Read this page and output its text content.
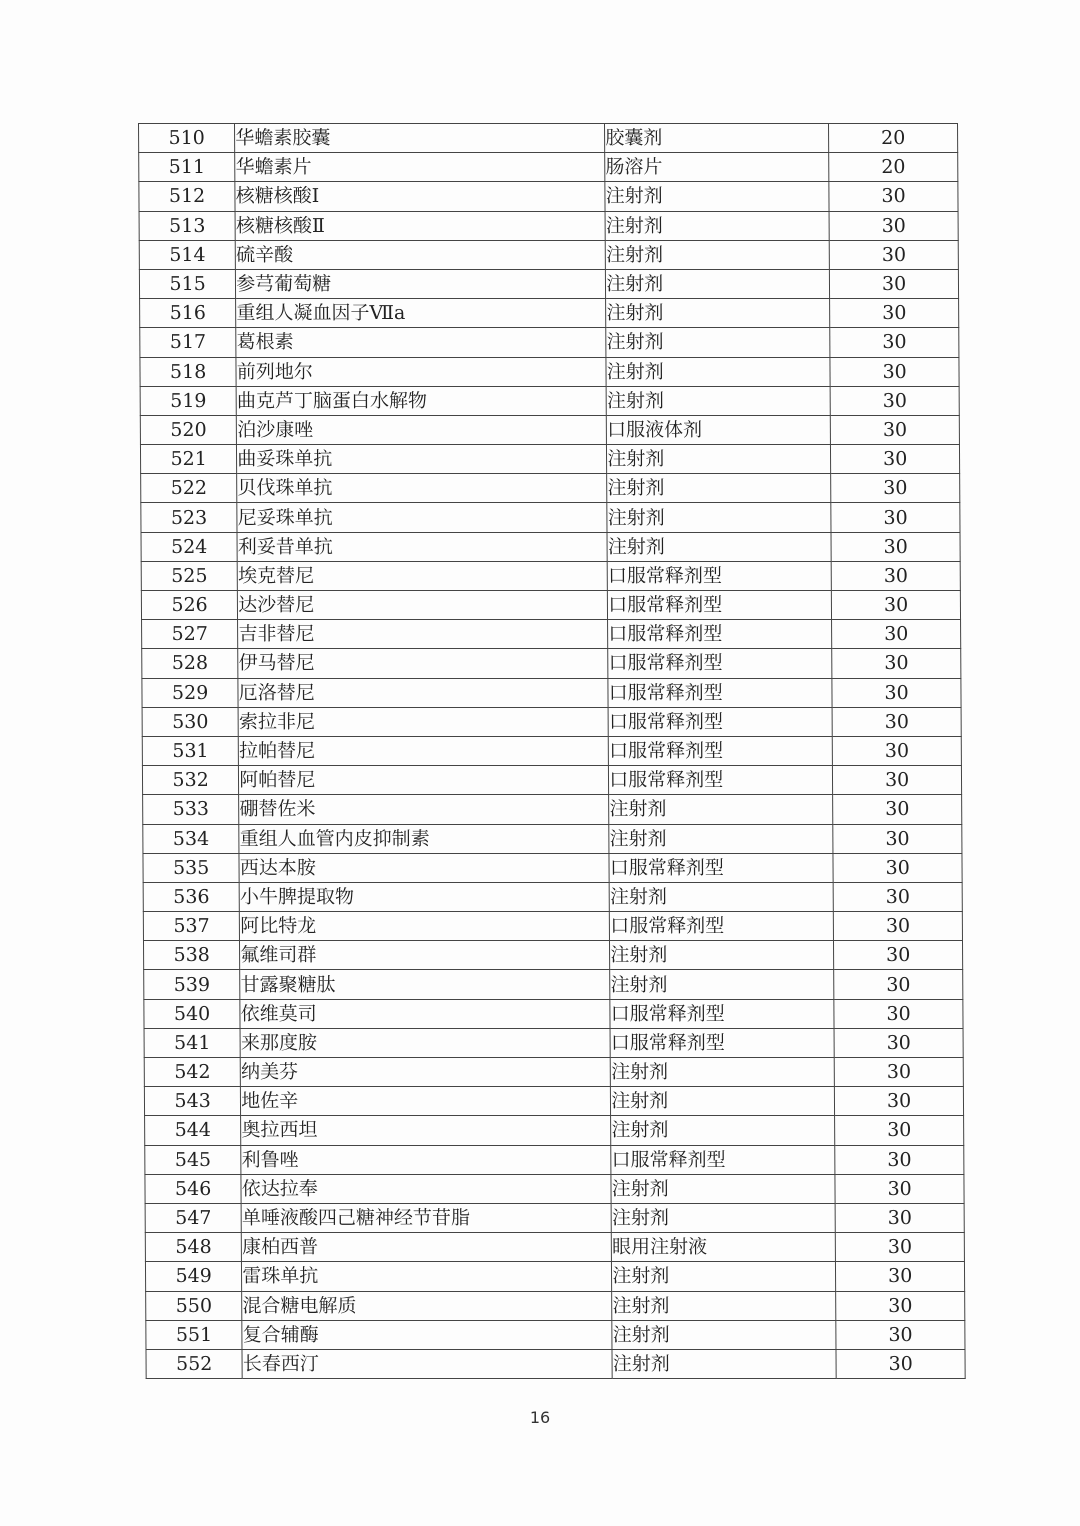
510	华蟾素胶囊	胶囊剂	20
511	华蟾素片	肠溶片	20
512	核糖核酸Ⅰ	注射剂	30
513	核糖核酸Ⅱ	注射剂	30
514	硫辛酸	注射剂	30
515	参芎葡萄糖	注射剂	30
516	重组人凝血因子Ⅶa	注射剂	30
517	葛根素	注射剂	30
518	前列地尔	注射剂	30
519	曲克芦丁脑蛋白水解物	注射剂	30
520	泊沙康唑	口服液体剂	30
521	曲妥珠单抗	注射剂	30
522	贝伐珠单抗	注射剂	30
523	尼妥珠单抗	注射剂	30
524	利妥昔单抗	注射剂	30
525	埃克替尼	口服常释剂型	30
526	达沙替尼	口服常释剂型	30
527	吉非替尼	口服常释剂型	30
528	伊马替尼	口服常释剂型	30
529	厄洛替尼	口服常释剂型	30
530	索拉非尼	口服常释剂型	30
531	拉帕替尼	口服常释剂型	30
532	阿帕替尼	口服常释剂型	30
533	硼替佐米	注射剂	30
534	重组人血管内皮抑制素	注射剂	30
535	西达本胺	口服常释剂型	30
536	小牛脾提取物	注射剂	30
537	阿比特龙	口服常释剂型	30
538	氟维司群	注射剂	30
539	甘露聚糖肽	注射剂	30
540	依维莫司	口服常释剂型	30
541	来那度胺	口服常释剂型	30
542	纳美芬	注射剂	30
543	地佐辛	注射剂	30
544	奥拉西坦	注射剂	30
545	利鲁唑	口服常释剂型	30
546	依达拉奉	注射剂	30
547	单唾液酸四己糖神经节苷脂	注射剂	30
548	康柏西普	眼用注射液	30
549	雷珠单抗	注射剂	30
550	混合糖电解质	注射剂	30
551	复合辅酶	注射剂	30
552	长春西汀	注射剂	30
16
